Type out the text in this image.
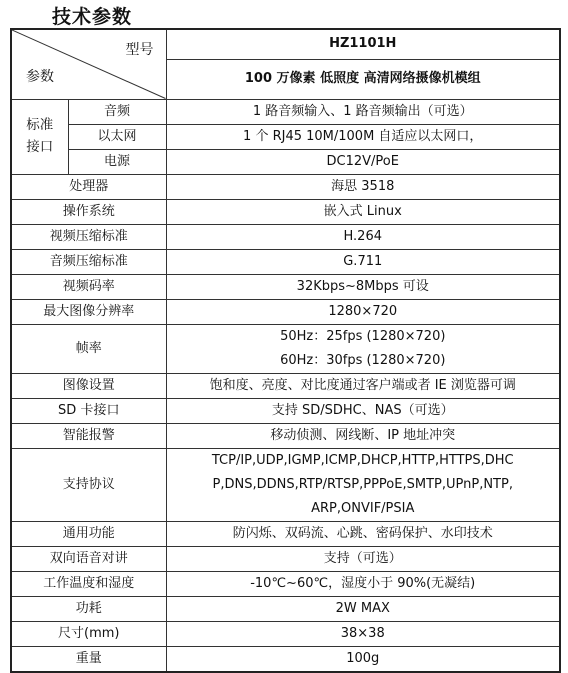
技术参数
型号
参数		HZ1101H
		100 万像素 低照度 高清网络摄像机模组
标准接口	音频	1 路音频输入、1 路音频输出（可选）
	以太网	1 个 RJ45 10M/100M 自适应以太网口，
	电源	DC12V/PoE
处理器		海思 3518
操作系统		嵌入式 Linux
视频压缩标准		H.264
音频压缩标准		G.711
视频码率		32Kbps~8Mbps 可设
最大图像分辨率		1280×720
帧率		50Hz：25fps (1280×720)
60Hz：30fps (1280×720)

图像设置		饱和度、亮度、对比度通过客户端或者 IE 浏览器可调
SD 卡接口		支持 SD/SDHC、NAS（可选）
智能报警		移动侦测、网线断、IP 地址冲突
支持协议		TCP/IP,UDP,IGMP,ICMP,DHCP,HTTP,HTTPS,DHC
P,DNS,DDNS,RTP/RTSP,PPPoE,SMTP,UPnP,NTP,
ARP,ONVIF/PSIA

通用功能		防闪烁、双码流、心跳、密码保护、水印技术
双向语音对讲		支持（可选）
工作温度和湿度		-10℃~60℃，湿度小于 90%(无凝结)
功耗		2W MAX
尺寸(mm)		38×38
重量		100g
